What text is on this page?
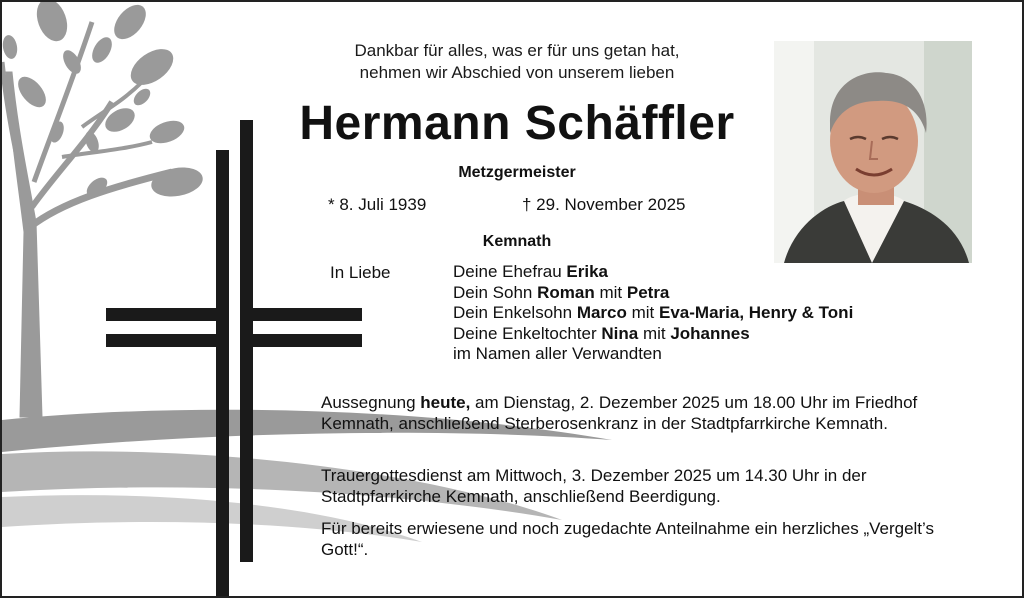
Dankbar für alles, was er für uns getan hat,
nehmen wir Abschied von unserem lieben
Hermann Schäffler
Metzgermeister
* 8. Juli 1939	† 29. November 2025
Kemnath
In Liebe	Deine Ehefrau Erika
Dein Sohn Roman mit Petra
Dein Enkelsohn Marco mit Eva-Maria, Henry & Toni
Deine Enkeltochter Nina mit Johannes
im Namen aller Verwandten
Aussegnung heute, am Dienstag, 2. Dezember 2025 um 18.00 Uhr im Friedhof Kemnath, anschließend Sterberosenkranz in der Stadtpfarrkirche Kemnath.
Trauergottesdienst am Mittwoch, 3. Dezember 2025 um 14.30 Uhr in der Stadtpfarrkirche Kemnath, anschließend Beerdigung.
Für bereits erwiesene und noch zugedachte Anteilnahme ein herzliches „Vergelt’s Gott!“.
